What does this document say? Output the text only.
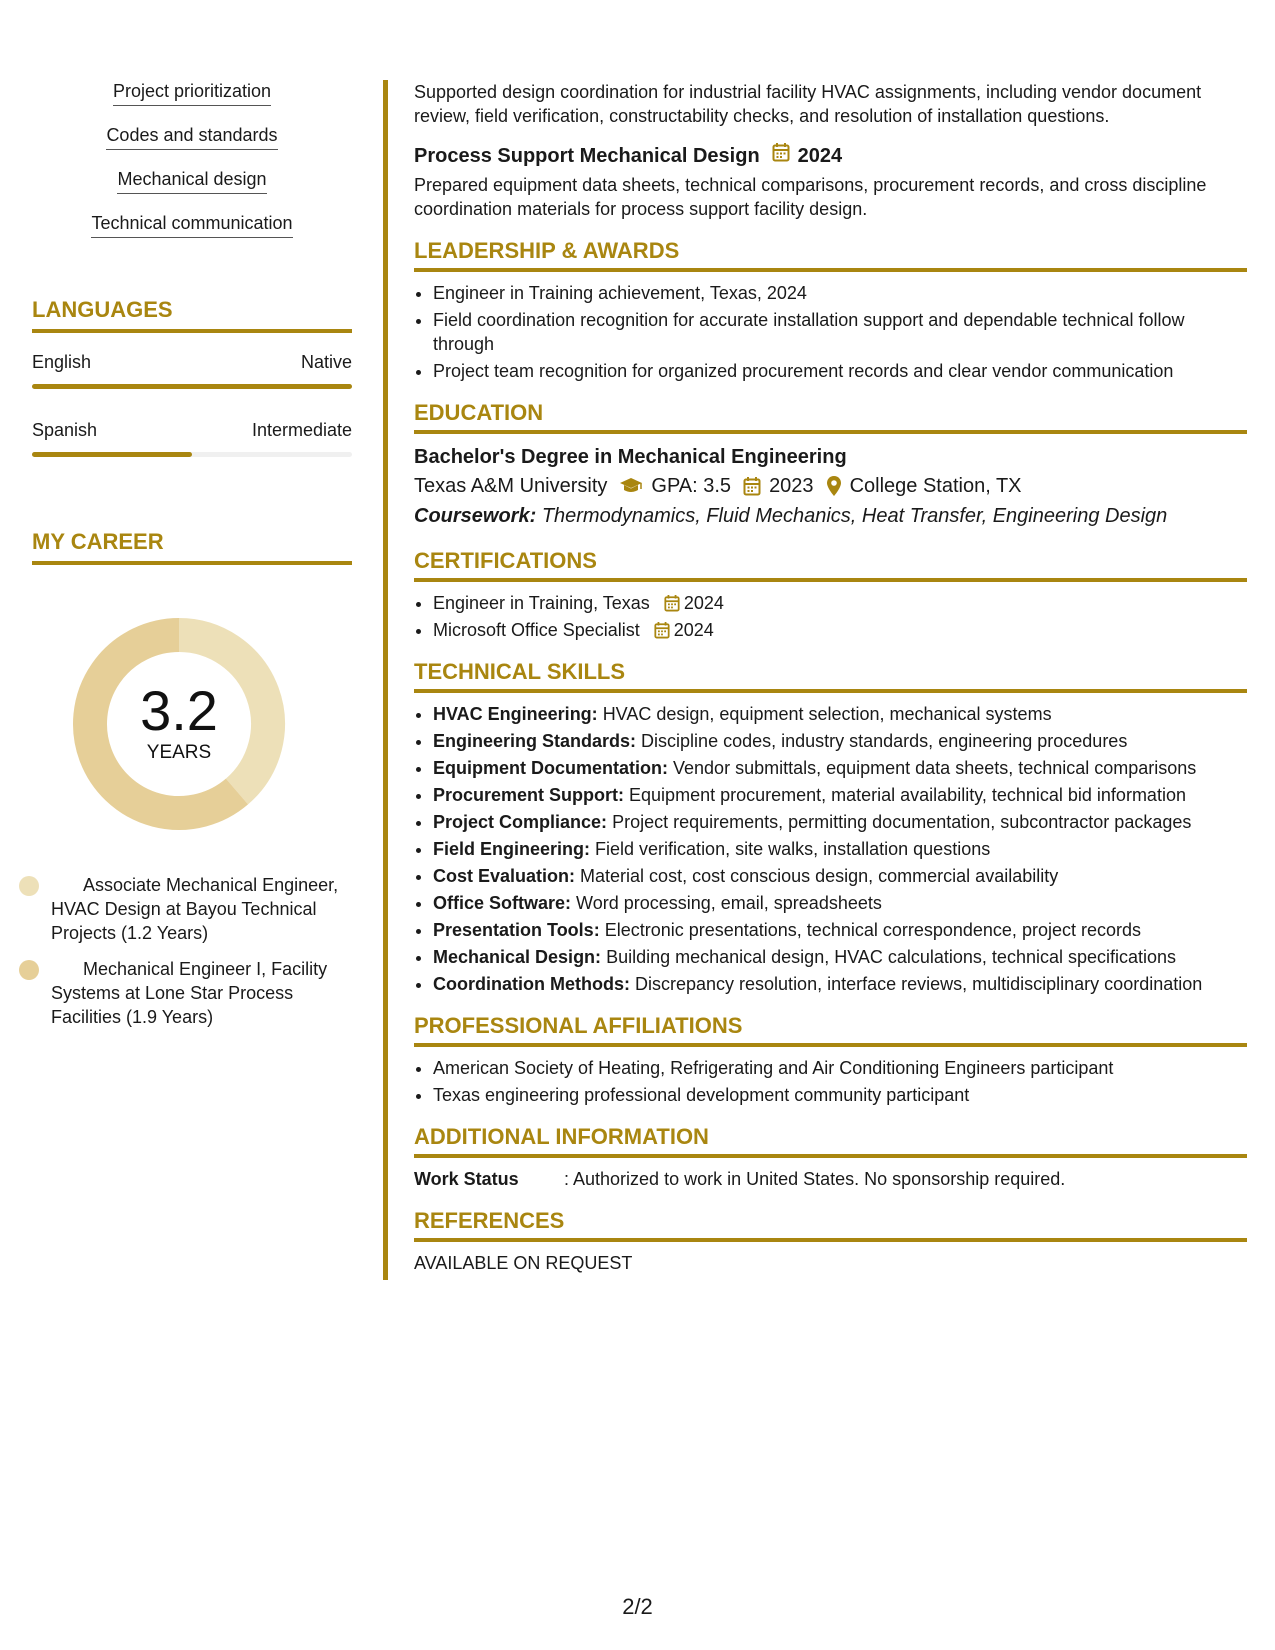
Project prioritization
Codes and standards
Mechanical design
Technical communication
LANGUAGES
English	Native
Spanish	Intermediate
MY CAREER
3.2
YEARS
Associate Mechanical Engineer, HVAC Design at Bayou Technical Projects (1.2 Years)
Mechanical Engineer I, Facility Systems at Lone Star Process Facilities (1.9 Years)

Supported design coordination for industrial facility HVAC assignments, including vendor document review, field verification, constructability checks, and resolution of installation questions.

Process Support Mechanical Design 2024

Prepared equipment data sheets, technical comparisons, procurement records, and cross discipline coordination materials for process support facility design.

LEADERSHIP & AWARDS
• Engineer in Training achievement, Texas, 2024
• Field coordination recognition for accurate installation support and dependable technical follow through
• Project team recognition for organized procurement records and clear vendor communication
EDUCATION
Bachelor's Degree in Mechanical Engineering
Texas A&M University GPA: 3.5 2023 College Station, TX
Coursework: Thermodynamics, Fluid Mechanics, Heat Transfer, Engineering Design
CERTIFICATIONS
• Engineer in Training, Texas 2024
• Microsoft Office Specialist 2024
TECHNICAL SKILLS
• HVAC Engineering: HVAC design, equipment selection, mechanical systems
• Engineering Standards: Discipline codes, industry standards, engineering procedures
• Equipment Documentation: Vendor submittals, equipment data sheets, technical comparisons
• Procurement Support: Equipment procurement, material availability, technical bid information
• Project Compliance: Project requirements, permitting documentation, subcontractor packages
• Field Engineering: Field verification, site walks, installation questions
• Cost Evaluation: Material cost, cost conscious design, commercial availability
• Office Software: Word processing, email, spreadsheets
• Presentation Tools: Electronic presentations, technical correspondence, project records
• Mechanical Design: Building mechanical design, HVAC calculations, technical specifications
• Coordination Methods: Discrepancy resolution, interface reviews, multidisciplinary coordination
PROFESSIONAL AFFILIATIONS
• American Society of Heating, Refrigerating and Air Conditioning Engineers participant
• Texas engineering professional development community participant
ADDITIONAL INFORMATION
Work Status	: Authorized to work in United States. No sponsorship required.
REFERENCES
AVAILABLE ON REQUEST
2/2
